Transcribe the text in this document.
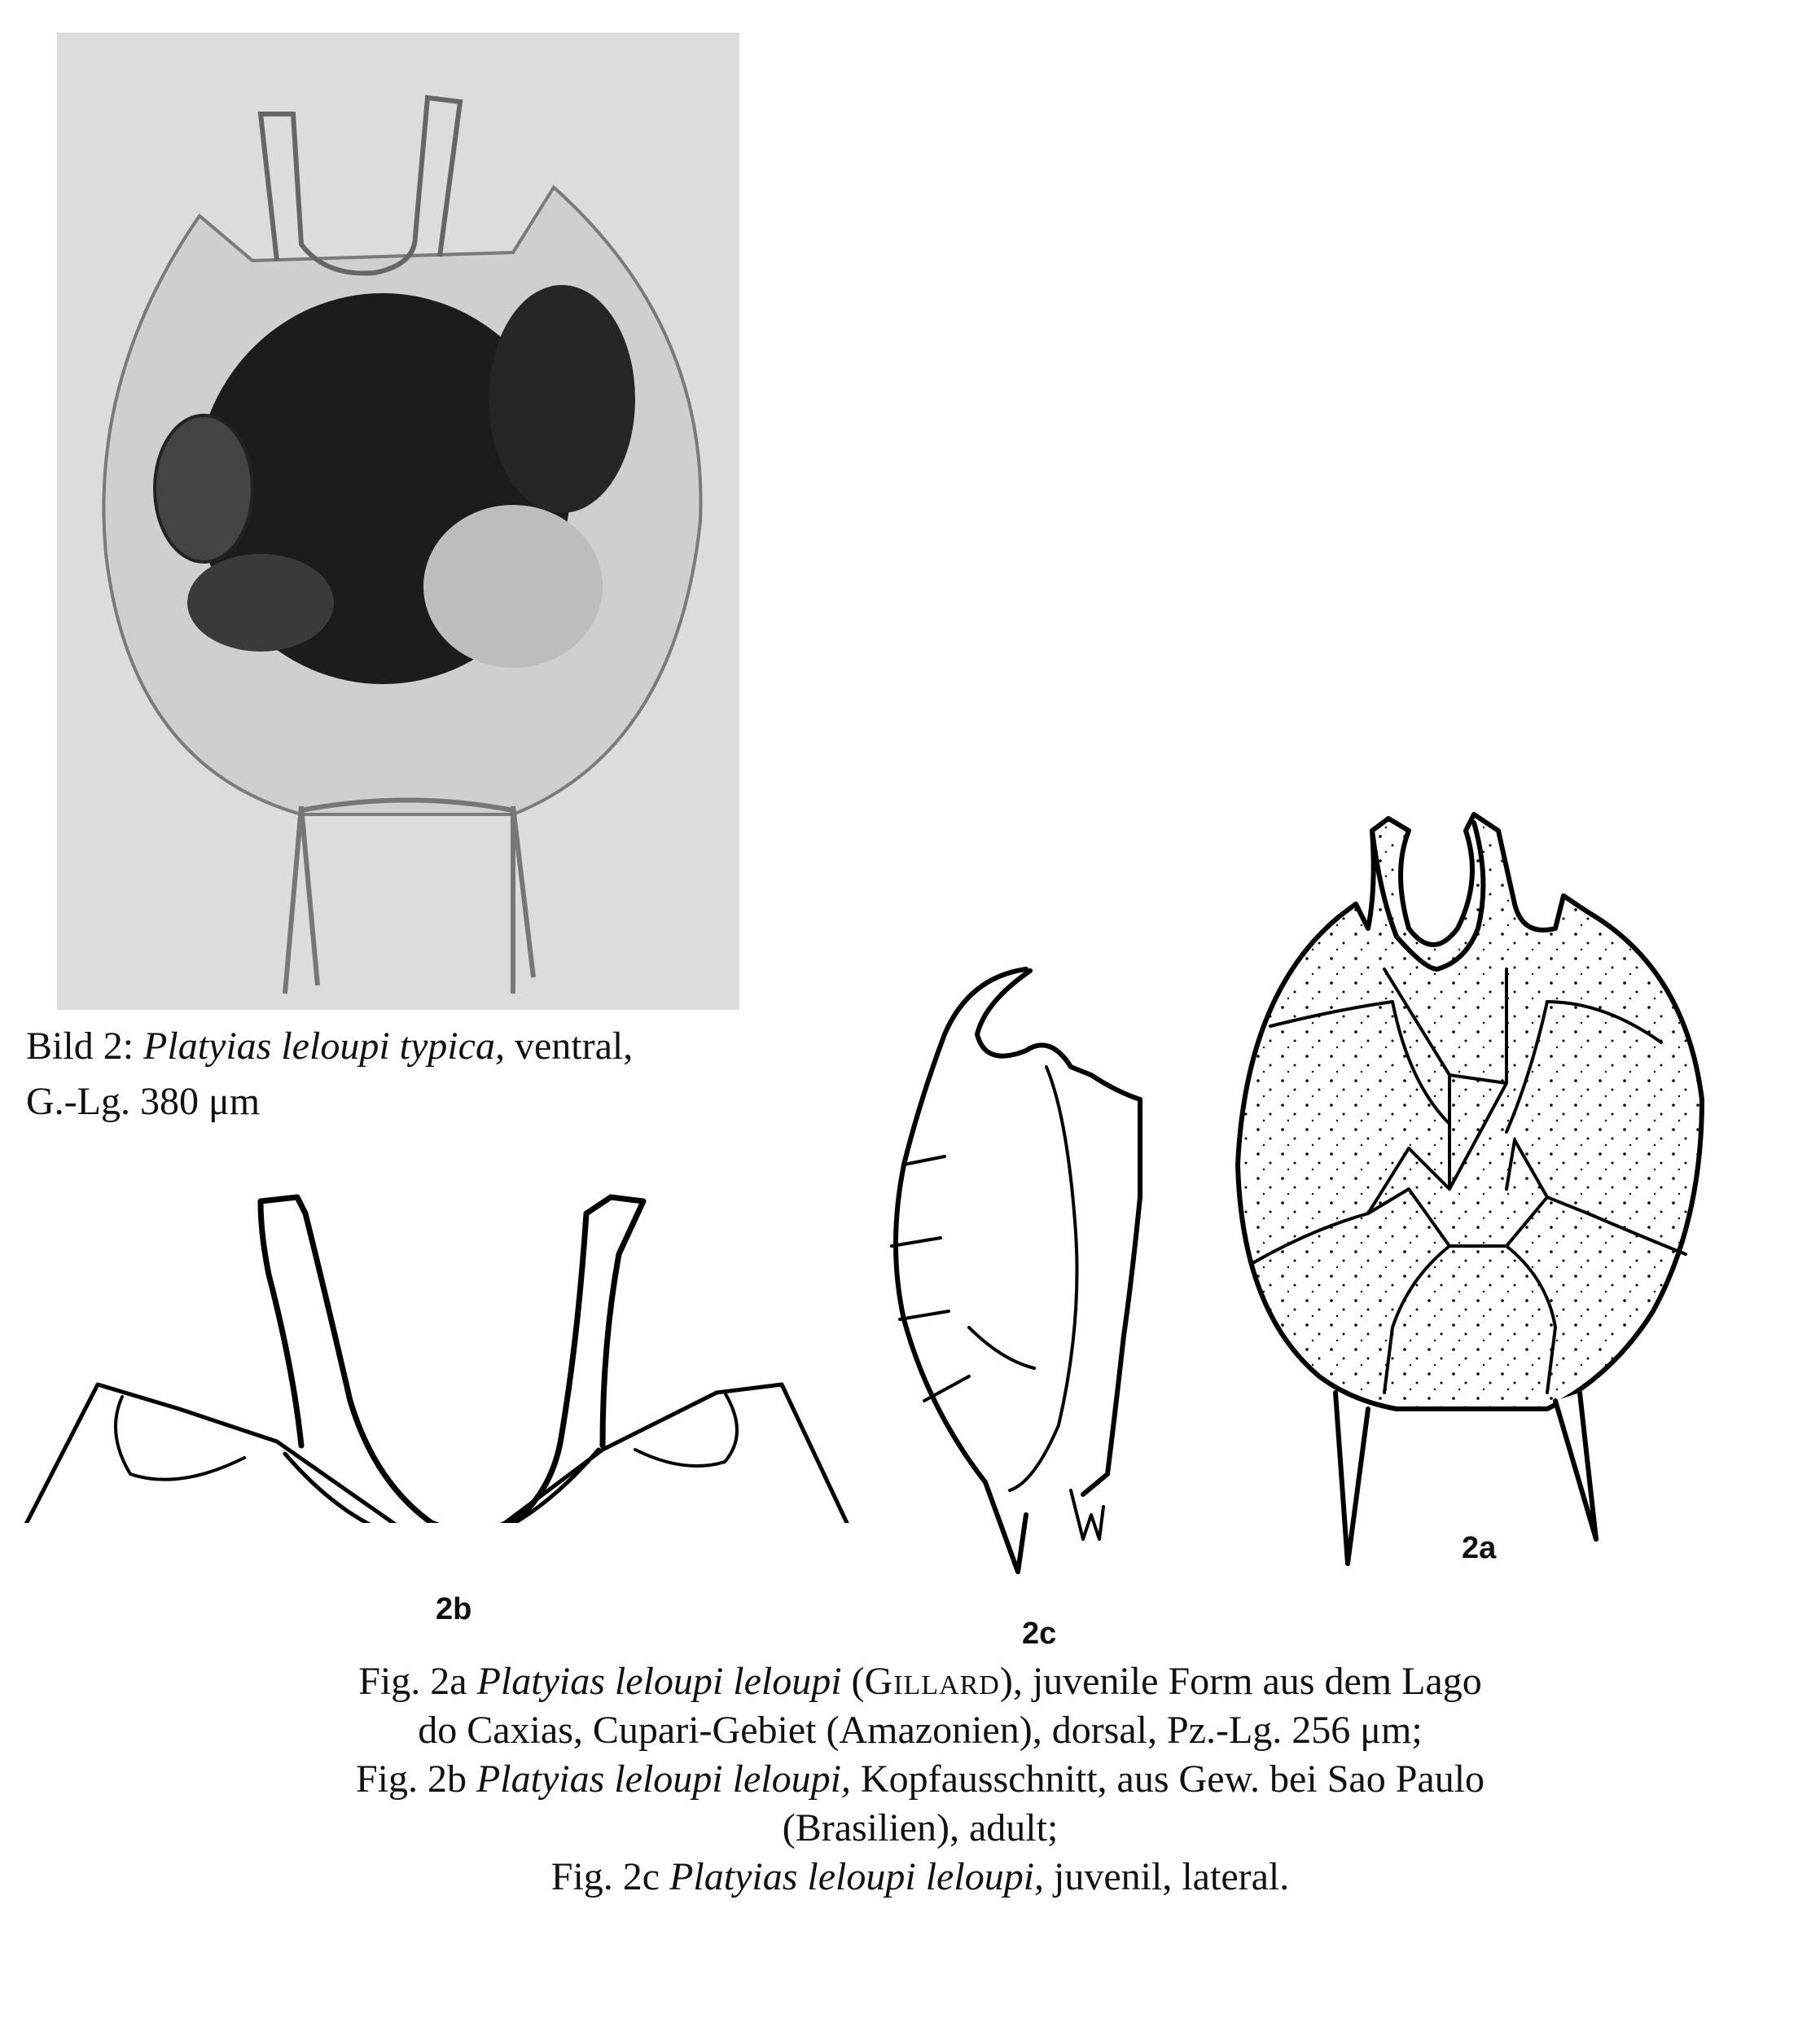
Bild 2: Platyias leloupi typica, ventral,
G.-Lg. 380 μm
2b
2c
2a
Fig. 2a Platyias leloupi leloupi (Gillard), juvenile Form aus dem Lago
do Caxias, Cupari-Gebiet (Amazonien), dorsal, Pz.-Lg. 256 μm;
Fig. 2b Platyias leloupi leloupi, Kopfausschnitt, aus Gew. bei Sao Paulo
(Brasilien), adult;
Fig. 2c Platyias leloupi leloupi, juvenil, lateral.
